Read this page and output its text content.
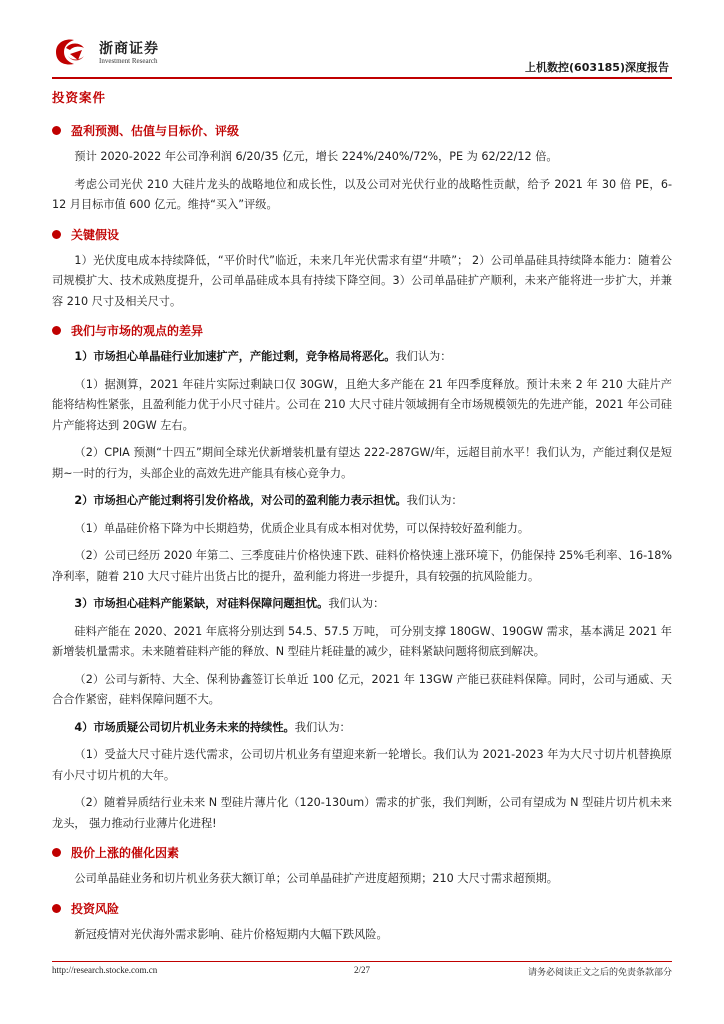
浙商证券
Investment Research	上机数控(603185)深度报告
投资案件
盈利预测、估值与目标价、评级

预计 2020-2022 年公司净利润 6/20/35 亿元，增长 224%/240%/72%，PE 为 62/22/12 倍。

考虑公司光伏 210 大硅片龙头的战略地位和成长性，以及公司对光伏行业的战略性贡献，给予 2021 年 30 倍 PE，6-12 月目标市值 600 亿元。维持“买入”评级。

关键假设

1）光伏度电成本持续降低，“平价时代”临近，未来几年光伏需求有望“井喷”； 2）公司单晶硅具持续降本能力：随着公司规模扩大、技术成熟度提升，公司单晶硅成本具有持续下降空间。3）公司单晶硅扩产顺利，未来产能将进一步扩大，并兼容 210 尺寸及相关尺寸。

我们与市场的观点的差异

1）市场担心单晶硅行业加速扩产，产能过剩，竞争格局将恶化。我们认为：

（1）据测算，2021 年硅片实际过剩缺口仅 30GW，且绝大多产能在 21 年四季度释放。预计未来 2 年 210 大硅片产能将结构性紧张，且盈利能力优于小尺寸硅片。公司在 210 大尺寸硅片领域拥有全市场规模领先的先进产能，2021 年公司硅片产能将达到 20GW 左右。

（2）CPIA 预测“十四五”期间全球光伏新增装机量有望达 222-287GW/年，远超目前水平！我们认为，产能过剩仅是短期~一时的行为，头部企业的高效先进产能具有核心竞争力。

2）市场担心产能过剩将引发价格战，对公司的盈利能力表示担忧。我们认为：

（1）单晶硅价格下降为中长期趋势，优质企业具有成本相对优势，可以保持较好盈利能力。

（2）公司已经历 2020 年第二、三季度硅片价格快速下跌、硅料价格快速上涨环境下，仍能保持 25%毛利率、16-18%净利率，随着 210 大尺寸硅片出货占比的提升，盈利能力将进一步提升，具有较强的抗风险能力。

3）市场担心硅料产能紧缺，对硅料保障问题担忧。我们认为：

硅料产能在 2020、2021 年底将分别达到 54.5、57.5 万吨， 可分别支撑 180GW、190GW 需求，基本满足 2021 年新增装机量需求。未来随着硅料产能的释放、N 型硅片耗硅量的减少，硅料紧缺问题将彻底到解决。

（2）公司与新特、大全、保利协鑫签订长单近 100 亿元，2021 年 13GW 产能已获硅料保障。同时，公司与通威、天合合作紧密，硅料保障问题不大。

4）市场质疑公司切片机业务未来的持续性。我们认为：

（1）受益大尺寸硅片迭代需求，公司切片机业务有望迎来新一轮增长。我们认为 2021-2023 年为大尺寸切片机替换原有小尺寸切片机的大年。

（2）随着异质结行业未来 N 型硅片薄片化（120-130um）需求的扩张，我们判断，公司有望成为 N 型硅片切片机未来龙头， 强力推动行业薄片化进程!

股价上涨的催化因素

公司单晶硅业务和切片机业务获大额订单；公司单晶硅扩产进度超预期；210 大尺寸需求超预期。

投资风险

新冠疫情对光伏海外需求影响、硅片价格短期内大幅下跌风险。

http://research.stocke.com.cn	2/27	请务必阅读正文之后的免责条款部分
